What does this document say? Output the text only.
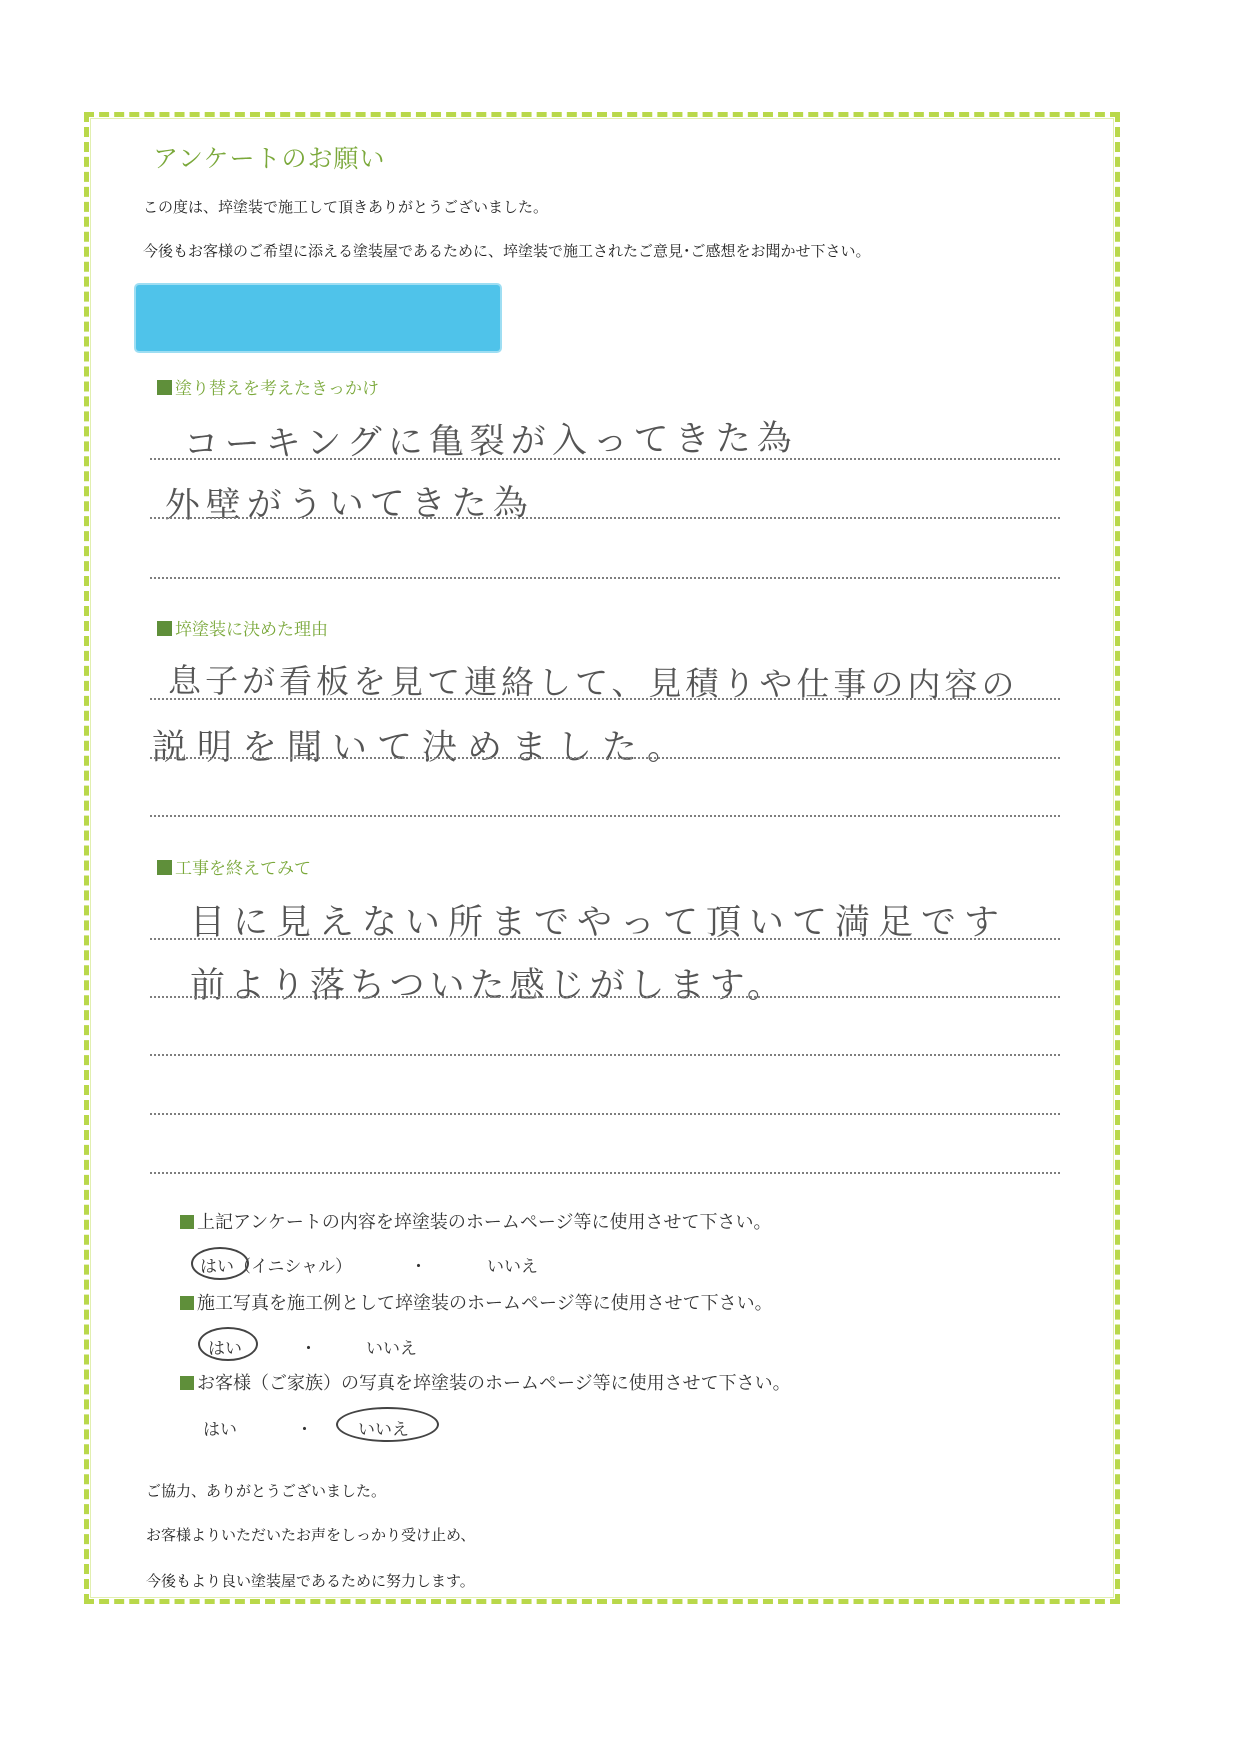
アンケートのお願い
この度は、埣塗装で施工して頂きありがとうございました。
今後もお客様のご希望に添える塗装屋であるために、埣塗装で施工されたご意見･ご感想をお聞かせ下さい。
塗り替えを考えたきっかけ
コーキングに亀裂が入ってきた為
外壁がういてきた為
埣塗装に決めた理由
息子が看板を見て連絡して、見積りや仕事の内容の
説明を聞いて決めました。
工事を終えてみて
目に見えない所までやって頂いて満足です
前より落ちついた感じがします。
上記アンケートの内容を埣塗装のホームページ等に使用させて下さい。
はい（イニシャル）	・	いいえ
施工写真を施工例として埣塗装のホームページ等に使用させて下さい。
はい	・	いいえ
お客様（ご家族）の写真を埣塗装のホームページ等に使用させて下さい。
はい	・	いいえ
ご協力、ありがとうございました。
お客様よりいただいたお声をしっかり受け止め、
今後もより良い塗装屋であるために努力します。
